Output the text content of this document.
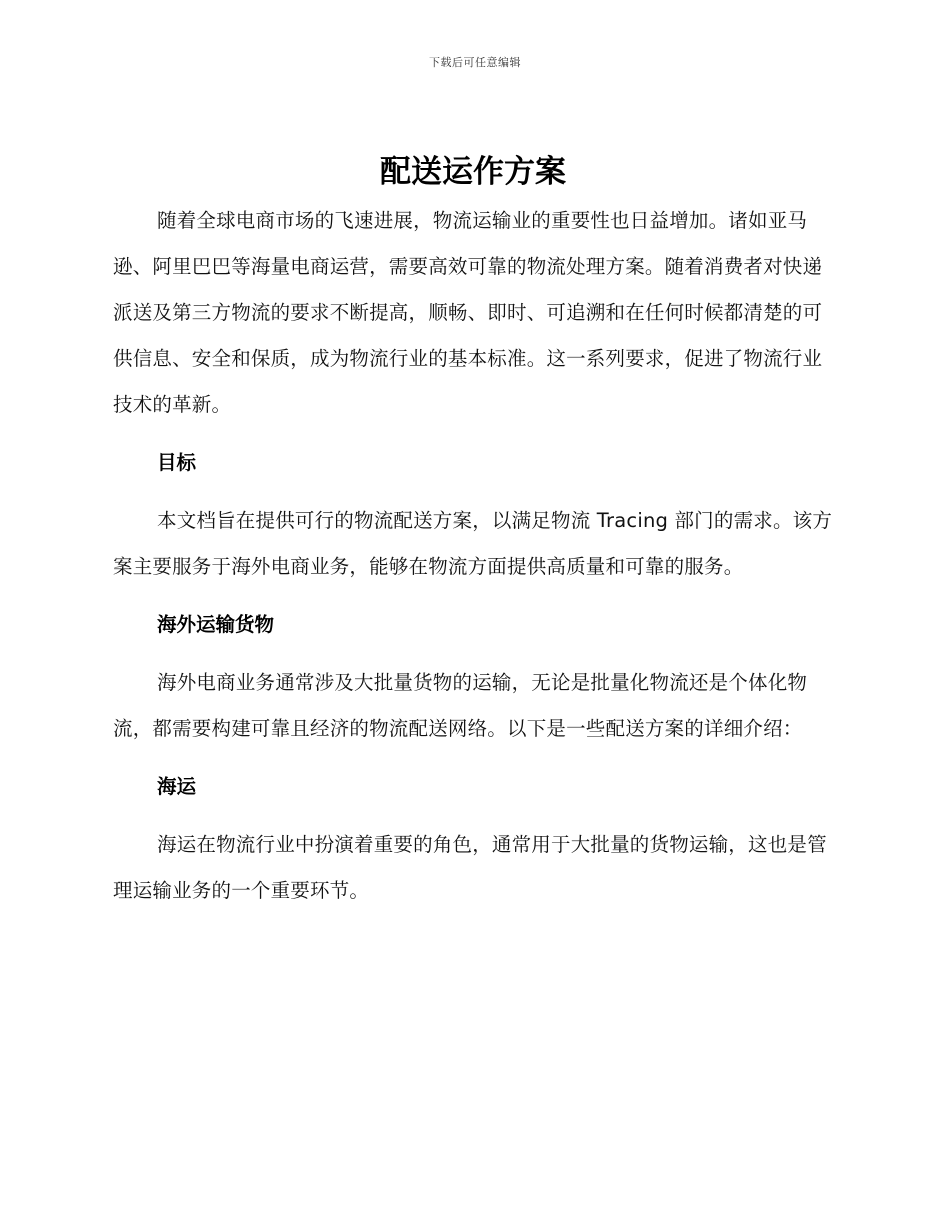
下载后可任意编辑
配送运作方案

随着全球电商市场的飞速进展，物流运输业的重要性也日益增加。诸如亚马逊、阿里巴巴等海量电商运营，需要高效可靠的物流处理方案。随着消费者对快递派送及第三方物流的要求不断提高，顺畅、即时、可追溯和在任何时候都清楚的可供信息、安全和保质，成为物流行业的基本标准。这一系列要求，促进了物流行业技术的革新。

目标

本文档旨在提供可行的物流配送方案，以满足物流 Tracing 部门的需求。该方案主要服务于海外电商业务，能够在物流方面提供高质量和可靠的服务。

海外运输货物

海外电商业务通常涉及大批量货物的运输，无论是批量化物流还是个体化物流，都需要构建可靠且经济的物流配送网络。以下是一些配送方案的详细介绍：

海运

海运在物流行业中扮演着重要的角色，通常用于大批量的货物运输，这也是管理运输业务的一个重要环节。
